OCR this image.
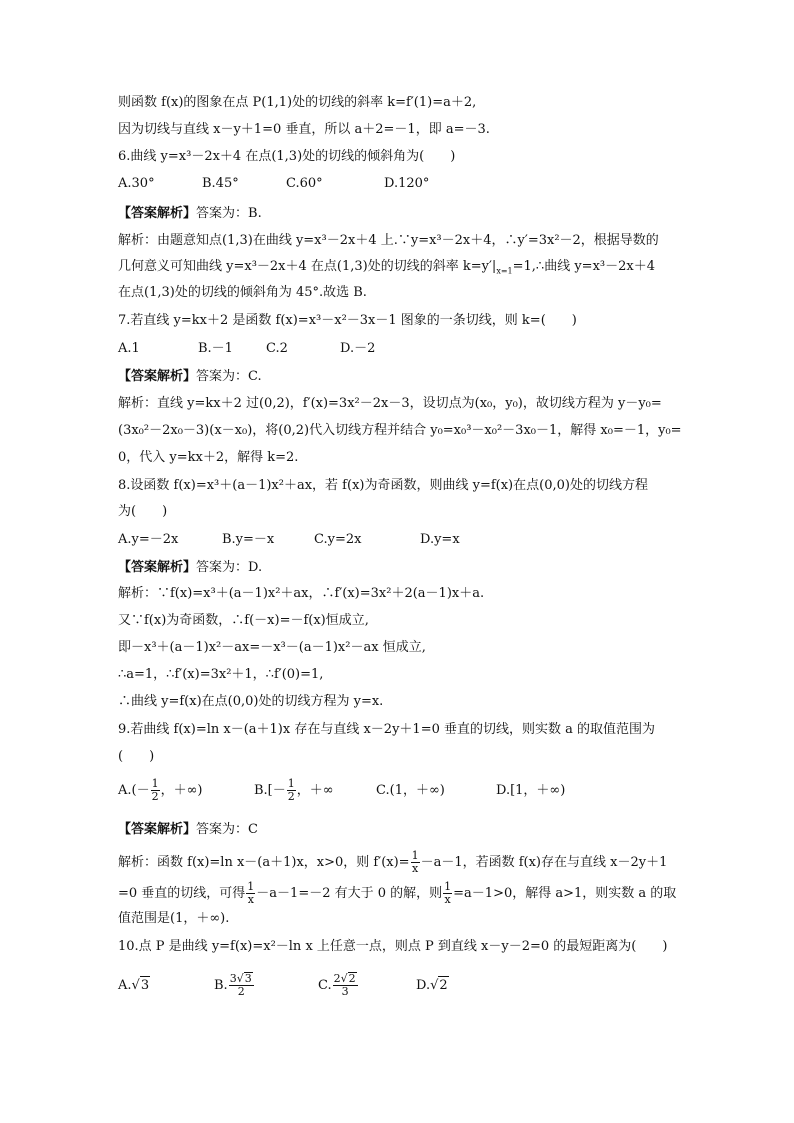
则函数 f(x)的图象在点 P(1,1)处的切线的斜率 k=f′(1)=a＋2,
因为切线与直线 x－y＋1=0 垂直，所以 a＋2=－1，即 a=－3.
6.曲线 y=x³－2x＋4 在点(1,3)处的切线的倾斜角为(　　)
A.30°	B.45°	C.60°	D.120°
【答案解析】答案为：B.
解析：由题意知点(1,3)在曲线 y=x³－2x＋4 上.∵y=x³－2x＋4，∴y′=3x²－2，根据导数的
几何意义可知曲线 y=x³－2x＋4 在点(1,3)处的切线的斜率 $k=y'|_{x=1}=1,\therefore$曲线 y=x³－2x＋4
在点(1,3)处的切线的倾斜角为 45°.故选 B.
7.若直线 y=kx＋2 是函数 f(x)=x³－x²－3x－1 图象的一条切线，则 k=(　　)
A.1	B.－1	C.2	D.－2
【答案解析】答案为：C.
解析：直线 y=kx＋2 过(0,2)，f′(x)=3x²－2x－3，设切点为(x₀，y₀)，故切线方程为 y－y₀=
(3x₀²－2x₀－3)(x－x₀)，将(0,2)代入切线方程并结合 y₀=x₀³－x₀²－3x₀－1，解得 x₀=－1，y₀=
0，代入 y=kx＋2，解得 k=2.
8.设函数 f(x)=x³＋(a－1)x²＋ax，若 f(x)为奇函数，则曲线 y=f(x)在点(0,0)处的切线方程
为(　　)
A.y=－2x	B.y=－x	C.y=2x	D.y=x
【答案解析】答案为：D.
解析：∵f(x)=x³＋(a－1)x²＋ax，∴f′(x)=3x²＋2(a－1)x＋a.
又∵f(x)为奇函数，∴f(－x)=－f(x)恒成立,
即－x³＋(a－1)x²－ax=－x³－(a－1)x²－ax 恒成立,
∴a=1，∴f′(x)=3x²＋1，∴f′(0)=1,
∴曲线 y=f(x)在点(0,0)处的切线方程为 y=x.
9.若曲线 f(x)=ln x－(a＋1)x 存在与直线 x－2y＋1=0 垂直的切线，则实数 a 的取值范围为
(　　)
$A.(- \frac{1}{2}$ ，＋∞)	$B.[- \frac{1}{2}$ ，＋∞	C.(1，＋∞)	D.[1，＋∞)
【答案解析】答案为：C
解析：函数 f(x)=ln x－(a＋1)x，x>0，则 $f'(x)= \frac{1}{x} -a-1$，若函数 f(x)存在与直线 x－2y＋1
=0 垂直的切线，可得 $\frac{1}{x} -a-1=-2$ 有大于 0 的解，则 $\frac{1}{x} =a-1>0$，解得 a>1，则实数 a 的取
值范围是(1，＋∞).
10.点 P 是曲线 y=f(x)=x²－ln x 上任意一点，则点 P 到直线 x－y－2=0 的最短距离为(　　)
A.√3	B. $\frac{3√3}{2}$	C. $\frac{2√2}{3}$	D.√2
